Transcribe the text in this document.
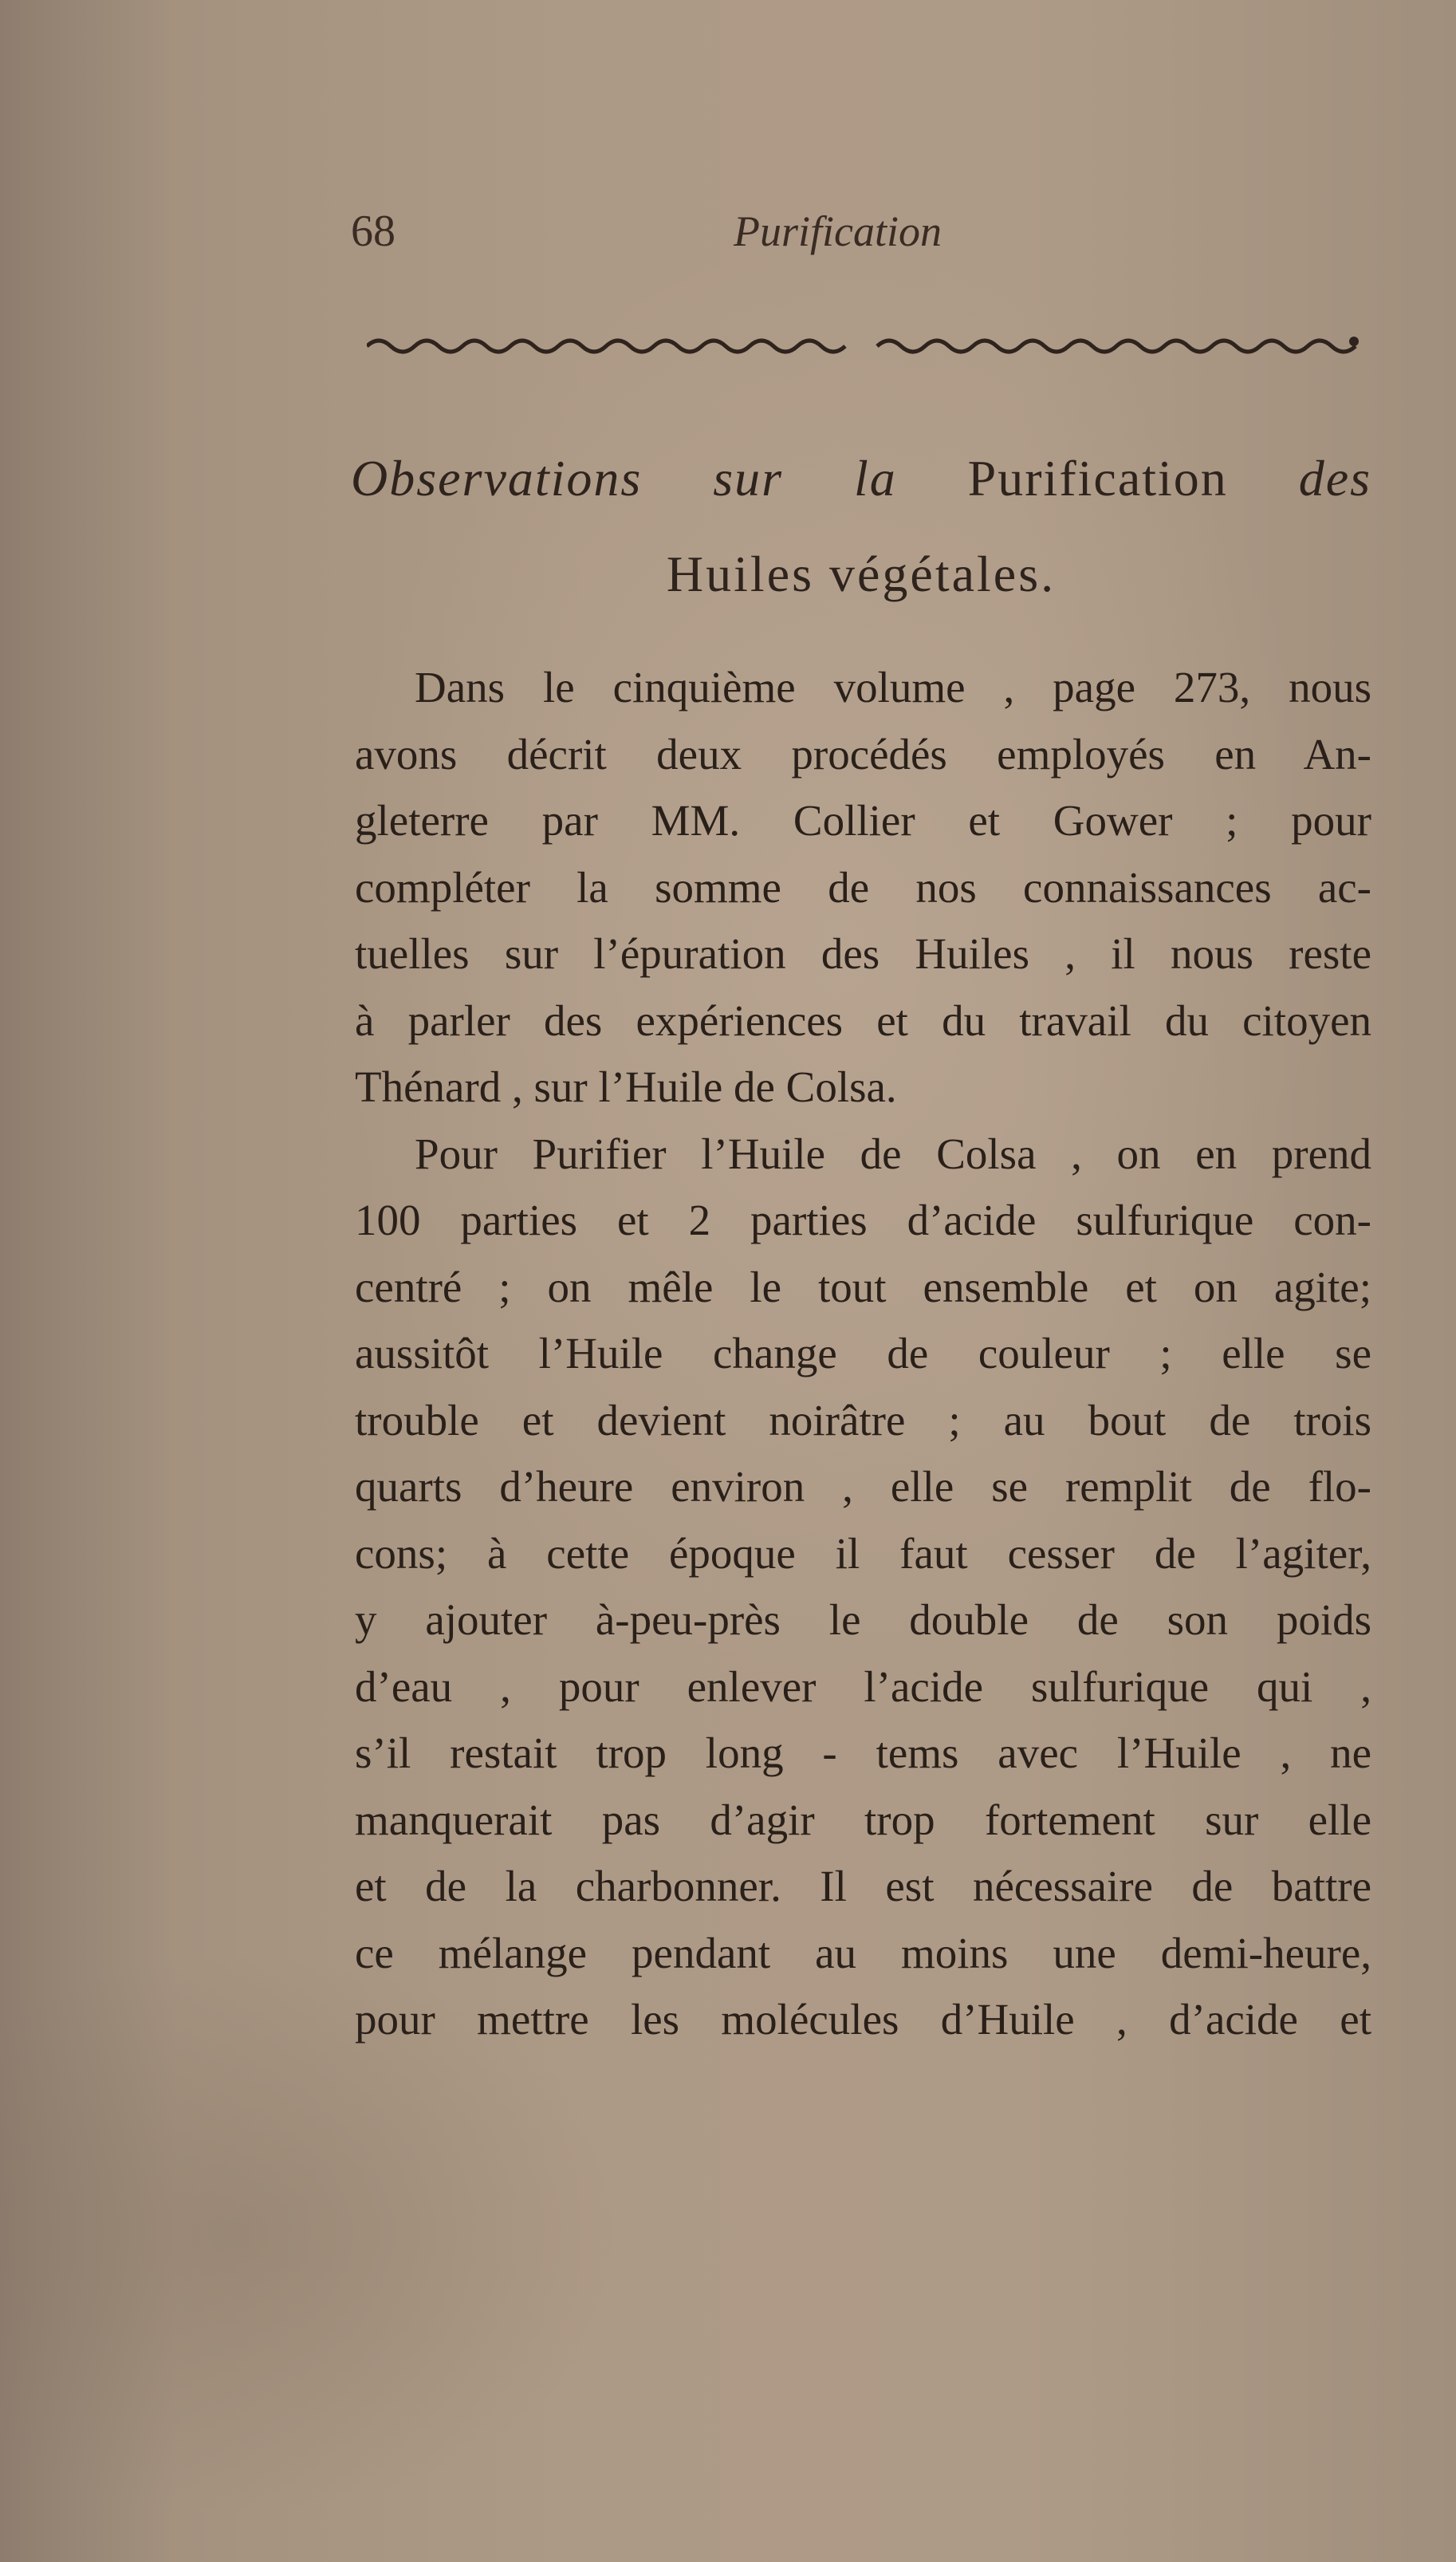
68	Purification
Observations sur la Purification des
Huiles végétales.
Dans le cinquième volume , page 273, nous
avons décrit deux procédés employés en An-
gleterre par MM. Collier et Gower ; pour
compléter la somme de nos connaissances ac-
tuelles sur l’épuration des Huiles , il nous reste
à parler des expériences et du travail du citoyen
Thénard , sur l’Huile de Colsa.
Pour Purifier l’Huile de Colsa , on en prend
100 parties et 2 parties d’acide sulfurique con-
centré ; on mêle le tout ensemble et on agite;
aussitôt l’Huile change de couleur ; elle se
trouble et devient noirâtre ; au bout de trois
quarts d’heure environ , elle se remplit de flo-
cons; à cette époque il faut cesser de l’agiter,
y ajouter à-peu-près le double de son poids
d’eau , pour enlever l’acide sulfurique qui ,
s’il restait trop long - tems avec l’Huile , ne
manquerait pas d’agir trop fortement sur elle
et de la charbonner. Il est nécessaire de battre
ce mélange pendant au moins une demi-heure,
pour mettre les molécules d’Huile , d’acide et
